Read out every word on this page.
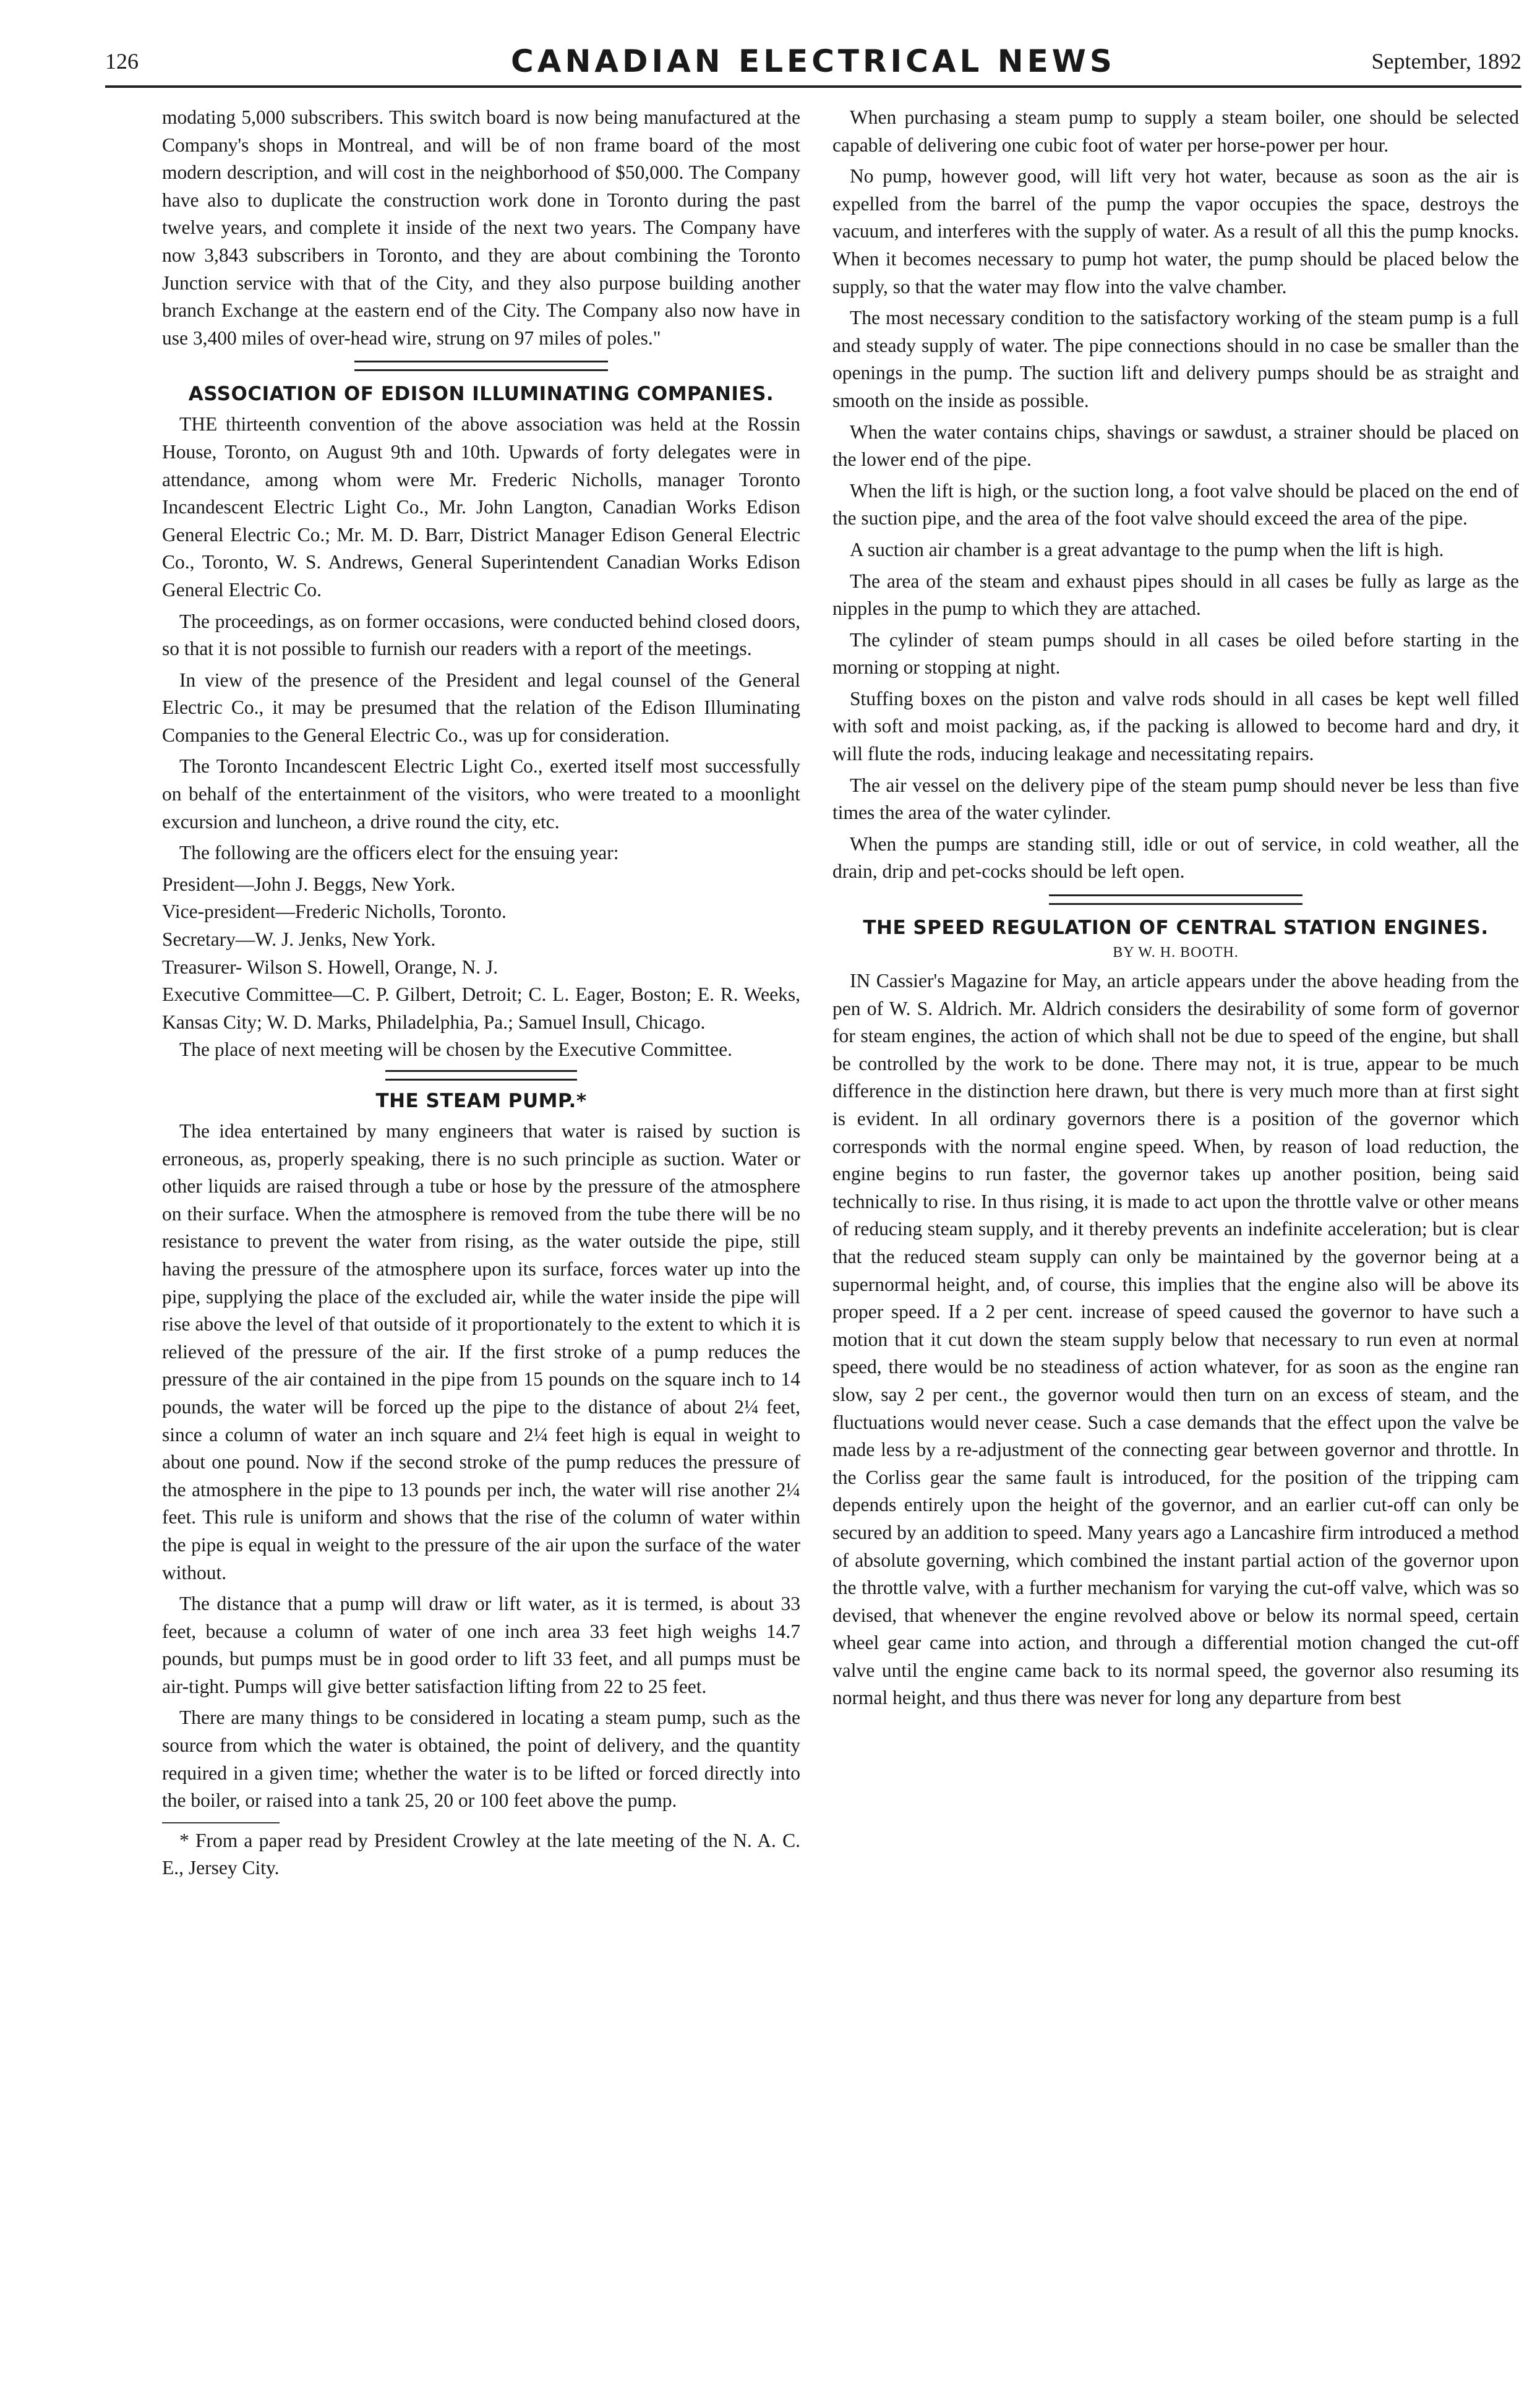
126	CANADIAN ELECTRICAL NEWS	September, 1892

modating 5,000 subscribers. This switch board is now being manufactured at the Company's shops in Montreal, and will be of non frame board of the most modern description, and will cost in the neighborhood of $50,000. The Company have also to duplicate the construction work done in Toronto during the past twelve years, and complete it inside of the next two years. The Company have now 3,843 subscribers in Toronto, and they are about combining the Toronto Junction service with that of the City, and they also purpose building another branch Exchange at the eastern end of the City. The Company also now have in use 3,400 miles of over-head wire, strung on 97 miles of poles."

ASSOCIATION OF EDISON ILLUMINATING COMPANIES.

THE thirteenth convention of the above association was held at the Rossin House, Toronto, on August 9th and 10th. Upwards of forty delegates were in attendance, among whom were Mr. Frederic Nicholls, manager Toronto Incandescent Electric Light Co., Mr. John Langton, Canadian Works Edison General Electric Co.; Mr. M. D. Barr, District Manager Edison General Electric Co., Toronto, W. S. Andrews, General Superintendent Canadian Works Edison General Electric Co.

The proceedings, as on former occasions, were conducted behind closed doors, so that it is not possible to furnish our readers with a report of the meetings.

In view of the presence of the President and legal counsel of the General Electric Co., it may be presumed that the relation of the Edison Illuminating Companies to the General Electric Co., was up for consideration.

The Toronto Incandescent Electric Light Co., exerted itself most successfully on behalf of the entertainment of the visitors, who were treated to a moonlight excursion and luncheon, a drive round the city, etc.

The following are the officers elect for the ensuing year:

President—John J. Beggs, New York.

Vice-president—Frederic Nicholls, Toronto.

Secretary—W. J. Jenks, New York.

Treasurer- Wilson S. Howell, Orange, N. J.

Executive Committee—C. P. Gilbert, Detroit; C. L. Eager, Boston; E. R. Weeks, Kansas City; W. D. Marks, Philadelphia, Pa.; Samuel Insull, Chicago.

The place of next meeting will be chosen by the Executive Committee.

THE STEAM PUMP.*

The idea entertained by many engineers that water is raised by suction is erroneous, as, properly speaking, there is no such principle as suction. Water or other liquids are raised through a tube or hose by the pressure of the atmosphere on their surface. When the atmosphere is removed from the tube there will be no resistance to prevent the water from rising, as the water outside the pipe, still having the pressure of the atmosphere upon its surface, forces water up into the pipe, supplying the place of the excluded air, while the water inside the pipe will rise above the level of that outside of it proportionately to the extent to which it is relieved of the pressure of the air. If the first stroke of a pump reduces the pressure of the air contained in the pipe from 15 pounds on the square inch to 14 pounds, the water will be forced up the pipe to the distance of about 2¼ feet, since a column of water an inch square and 2¼ feet high is equal in weight to about one pound. Now if the second stroke of the pump reduces the pressure of the atmosphere in the pipe to 13 pounds per inch, the water will rise another 2¼ feet. This rule is uniform and shows that the rise of the column of water within the pipe is equal in weight to the pressure of the air upon the surface of the water without.

The distance that a pump will draw or lift water, as it is termed, is about 33 feet, because a column of water of one inch area 33 feet high weighs 14.7 pounds, but pumps must be in good order to lift 33 feet, and all pumps must be air-tight. Pumps will give better satisfaction lifting from 22 to 25 feet.

There are many things to be considered in locating a steam pump, such as the source from which the water is obtained, the point of delivery, and the quantity required in a given time; whether the water is to be lifted or forced directly into the boiler, or raised into a tank 25, 20 or 100 feet above the pump.

* From a paper read by President Crowley at the late meeting of the N. A. C. E., Jersey City.

When purchasing a steam pump to supply a steam boiler, one should be selected capable of delivering one cubic foot of water per horse-power per hour.

No pump, however good, will lift very hot water, because as soon as the air is expelled from the barrel of the pump the vapor occupies the space, destroys the vacuum, and interferes with the supply of water. As a result of all this the pump knocks. When it becomes necessary to pump hot water, the pump should be placed below the supply, so that the water may flow into the valve chamber.

The most necessary condition to the satisfactory working of the steam pump is a full and steady supply of water. The pipe connections should in no case be smaller than the openings in the pump. The suction lift and delivery pumps should be as straight and smooth on the inside as possible.

When the water contains chips, shavings or sawdust, a strainer should be placed on the lower end of the pipe.

When the lift is high, or the suction long, a foot valve should be placed on the end of the suction pipe, and the area of the foot valve should exceed the area of the pipe.

A suction air chamber is a great advantage to the pump when the lift is high.

The area of the steam and exhaust pipes should in all cases be fully as large as the nipples in the pump to which they are attached.

The cylinder of steam pumps should in all cases be oiled before starting in the morning or stopping at night.

Stuffing boxes on the piston and valve rods should in all cases be kept well filled with soft and moist packing, as, if the packing is allowed to become hard and dry, it will flute the rods, inducing leakage and necessitating repairs.

The air vessel on the delivery pipe of the steam pump should never be less than five times the area of the water cylinder.

When the pumps are standing still, idle or out of service, in cold weather, all the drain, drip and pet-cocks should be left open.

THE SPEED REGULATION OF CENTRAL STATION ENGINES.
BY W. H. BOOTH.

IN Cassier's Magazine for May, an article appears under the above heading from the pen of W. S. Aldrich. Mr. Aldrich considers the desirability of some form of governor for steam engines, the action of which shall not be due to speed of the engine, but shall be controlled by the work to be done. There may not, it is true, appear to be much difference in the distinction here drawn, but there is very much more than at first sight is evident. In all ordinary governors there is a position of the governor which corresponds with the normal engine speed. When, by reason of load reduction, the engine begins to run faster, the governor takes up another position, being said technically to rise. In thus rising, it is made to act upon the throttle valve or other means of reducing steam supply, and it thereby prevents an indefinite acceleration; but is clear that the reduced steam supply can only be maintained by the governor being at a supernormal height, and, of course, this implies that the engine also will be above its proper speed. If a 2 per cent. increase of speed caused the governor to have such a motion that it cut down the steam supply below that necessary to run even at normal speed, there would be no steadiness of action whatever, for as soon as the engine ran slow, say 2 per cent., the governor would then turn on an excess of steam, and the fluctuations would never cease. Such a case demands that the effect upon the valve be made less by a re-adjustment of the connecting gear between governor and throttle. In the Corliss gear the same fault is introduced, for the position of the tripping cam depends entirely upon the height of the governor, and an earlier cut-off can only be secured by an addition to speed. Many years ago a Lancashire firm introduced a method of absolute governing, which combined the instant partial action of the governor upon the throttle valve, with a further mechanism for varying the cut-off valve, which was so devised, that whenever the engine revolved above or below its normal speed, certain wheel gear came into action, and through a differential motion changed the cut-off valve until the engine came back to its normal speed, the governor also resuming its normal height, and thus there was never for long any departure from best
